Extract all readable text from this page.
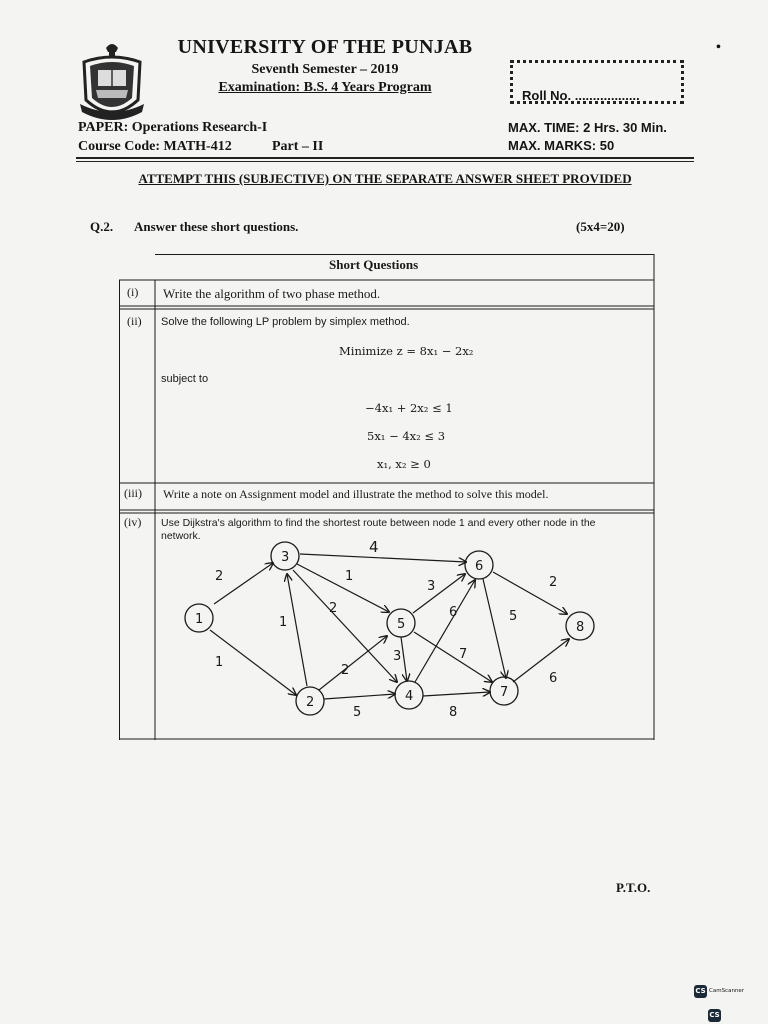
UNIVERSITY OF THE PUNJAB
Seventh Semester – 2019
Examination: B.S. 4 Years Program
Roll No. ..................
•
PAPER: Operations Research-I
Course Code: MATH-412	Part – II
MAX. TIME: 2 Hrs. 30 Min.
MAX. MARKS: 50
ATTEMPT THIS (SUBJECTIVE) ON THE SEPARATE ANSWER SHEET PROVIDED
Q.2. Answer these short questions.	(5x4=20)
Short Questions
(i) Write the algorithm of two phase method.
(ii) Solve the following LP problem by simplex method.
Minimize z = 8x₁ − 2x₂
subject to
−4x₁ + 2x₂ ≤ 1
5x₁ − 4x₂ ≤ 3
x₁, x₂ ≥ 0
(iii) Write a note on Assignment model and illustrate the method to solve this model.
(iv) Use Dijkstra's algorithm to find the shortest route between node 1 and every other node in the
network.
1
2
3
4
5
6
7
8
2
1
1
4
1
2
2
5
3
3
6
7
5
8
2
6
P.T.O.
CS CamScanner
CS
